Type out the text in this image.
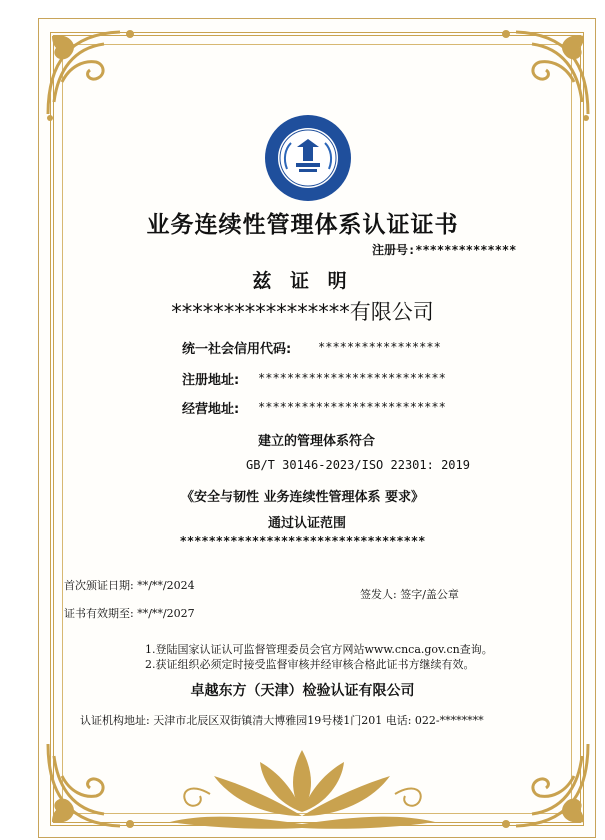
业务连续性管理体系认证证书
注册号:**************
兹 证 明
*****************有限公司
统一社会信用代码: *****************
注册地址: **************************
经营地址: **************************
建立的管理体系符合
GB/T 30146-2023/ISO 22301: 2019
《安全与韧性 业务连续性管理体系 要求》
通过认证范围
**********************************
首次颁证日期: **/**/2024
签发人: 签字/盖公章
证书有效期至: **/**/2027
1.登陆国家认证认可监督管理委员会官方网站www.cnca.gov.cn查询。
2.获证组织必须定时接受监督审核并经审核合格此证书方继续有效。
卓越东方（天津）检验认证有限公司
认证机构地址: 天津市北辰区双街镇清大博雅园19号楼1门201 电话: 022-********
